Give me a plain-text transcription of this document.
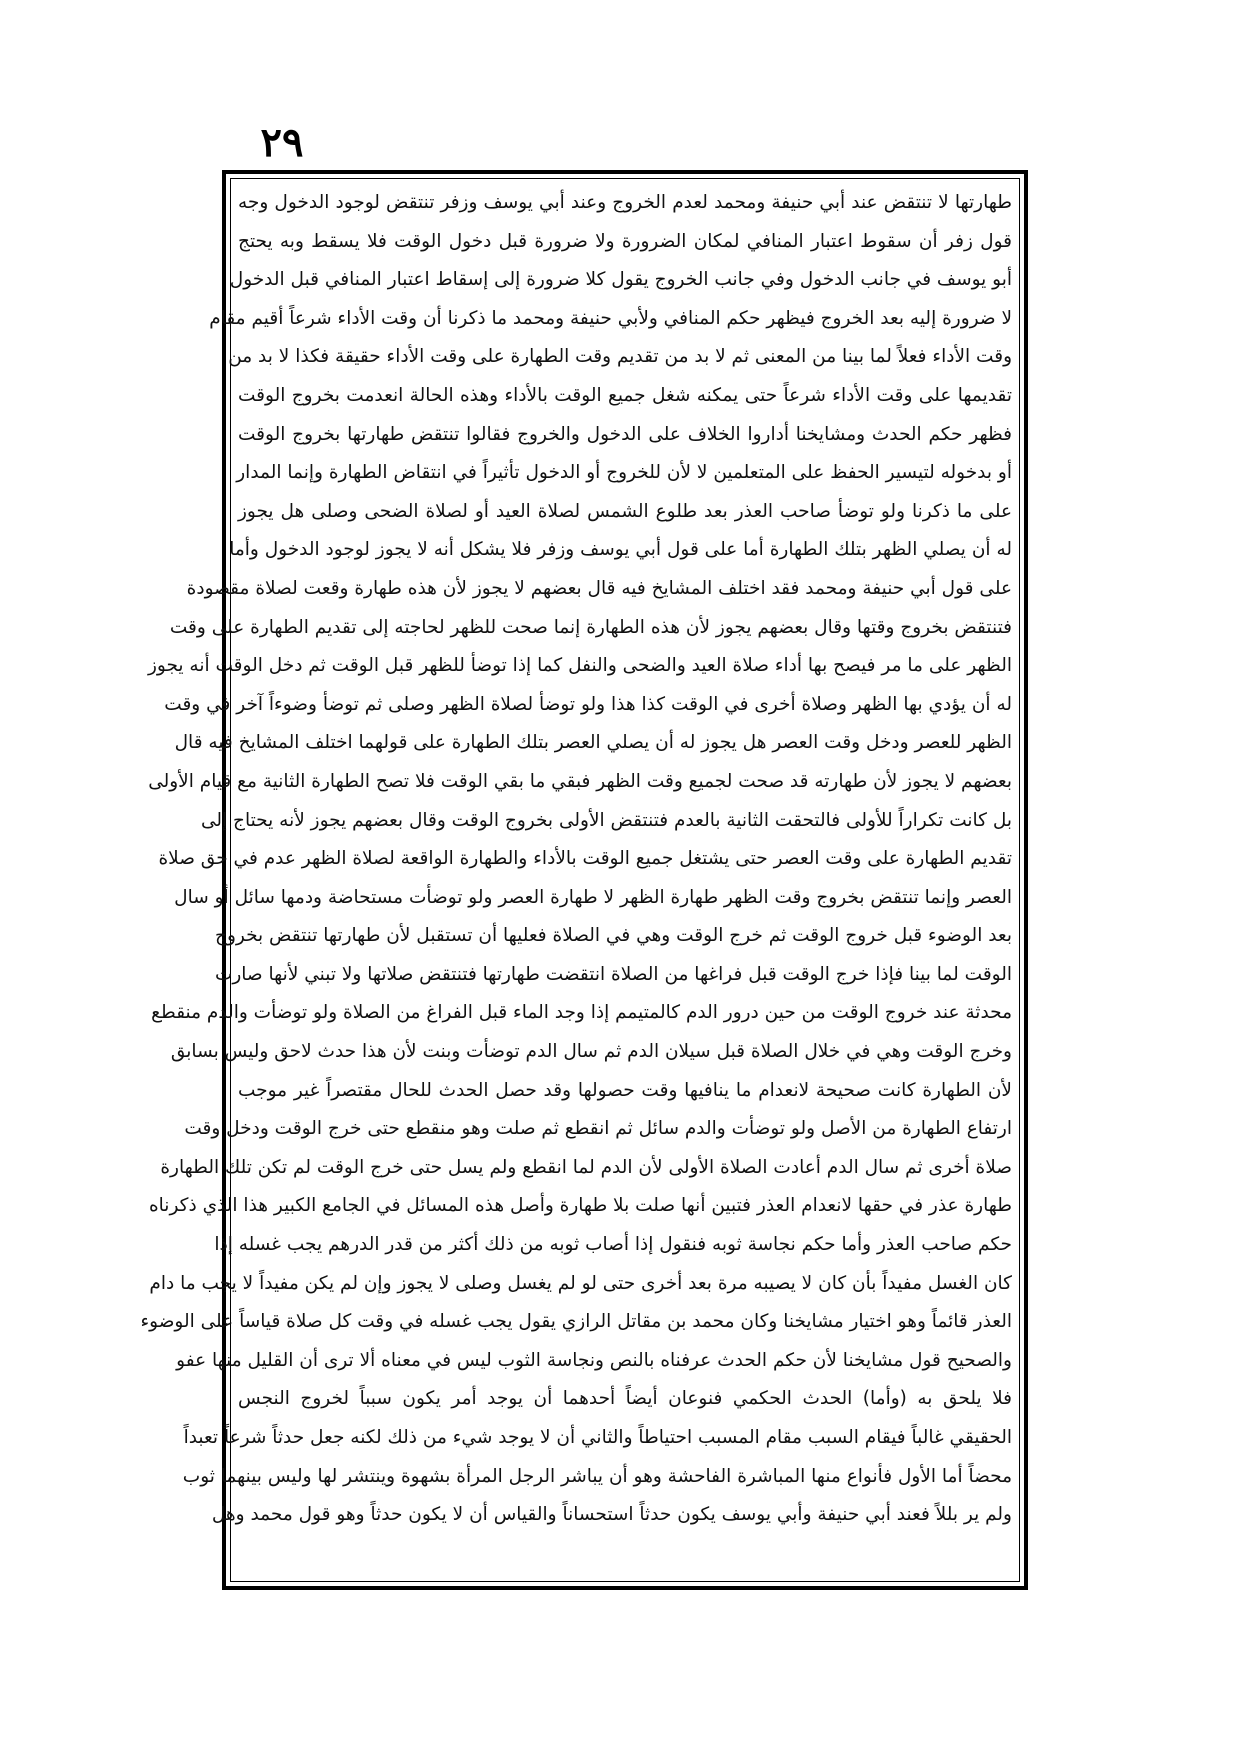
٢٩
طهارتها لا تنتقض عند أبي حنيفة ومحمد لعدم الخروج وعند أبي يوسف وزفر تنتقض لوجود الدخول وجه
قول زفر أن سقوط اعتبار المنافي لمكان الضرورة ولا ضرورة قبل دخول الوقت فلا يسقط وبه يحتج
أبو يوسف في جانب الدخول وفي جانب الخروج يقول كلا ضرورة إلى إسقاط اعتبار المنافي قبل الدخول
لا ضرورة إليه بعد الخروج فيظهر حكم المنافي ولأبي حنيفة ومحمد ما ذكرنا أن وقت الأداء شرعاً أقيم مقام
وقت الأداء فعلاً لما بينا من المعنى ثم لا بد من تقديم وقت الطهارة على وقت الأداء حقيقة فكذا لا بد من
تقديمها على وقت الأداء شرعاً حتى يمكنه شغل جميع الوقت بالأداء وهذه الحالة انعدمت بخروج الوقت
فظهر حكم الحدث ومشايخنا أداروا الخلاف على الدخول والخروج فقالوا تنتقض طهارتها بخروج الوقت
أو بدخوله لتيسير الحفظ على المتعلمين لا لأن للخروج أو الدخول تأثيراً في انتقاض الطهارة وإنما المدار
على ما ذكرنا ولو توضأ صاحب العذر بعد طلوع الشمس لصلاة العيد أو لصلاة الضحى وصلى هل يجوز
له أن يصلي الظهر بتلك الطهارة أما على قول أبي يوسف وزفر فلا يشكل أنه لا يجوز لوجود الدخول وأما
على قول أبي حنيفة ومحمد فقد اختلف المشايخ فيه قال بعضهم لا يجوز لأن هذه طهارة وقعت لصلاة مقصودة
فتنتقض بخروج وقتها وقال بعضهم يجوز لأن هذه الطهارة إنما صحت للظهر لحاجته إلى تقديم الطهارة على وقت
الظهر على ما مر فيصح بها أداء صلاة العيد والضحى والنفل كما إذا توضأ للظهر قبل الوقت ثم دخل الوقت أنه يجوز
له أن يؤدي بها الظهر وصلاة أخرى في الوقت كذا هذا ولو توضأ لصلاة الظهر وصلى ثم توضأ وضوءاً آخر في وقت
الظهر للعصر ودخل وقت العصر هل يجوز له أن يصلي العصر بتلك الطهارة على قولهما اختلف المشايخ فيه قال
بعضهم لا يجوز لأن طهارته قد صحت لجميع وقت الظهر فبقي ما بقي الوقت فلا تصح الطهارة الثانية مع قيام الأولى
بل كانت تكراراً للأولى فالتحقت الثانية بالعدم فتنتقض الأولى بخروج الوقت وقال بعضهم يجوز لأنه يحتاج إلى
تقديم الطهارة على وقت العصر حتى يشتغل جميع الوقت بالأداء والطهارة الواقعة لصلاة الظهر عدم في حق صلاة
العصر وإنما تنتقض بخروج وقت الظهر طهارة الظهر لا طهارة العصر ولو توضأت مستحاضة ودمها سائل أو سال
بعد الوضوء قبل خروج الوقت ثم خرج الوقت وهي في الصلاة فعليها أن تستقبل لأن طهارتها تنتقض بخروج
الوقت لما بينا فإذا خرج الوقت قبل فراغها من الصلاة انتقضت طهارتها فتنتقض صلاتها ولا تبني لأنها صارت
محدثة عند خروج الوقت من حين درور الدم كالمتيمم إذا وجد الماء قبل الفراغ من الصلاة ولو توضأت والدم منقطع
وخرج الوقت وهي في خلال الصلاة قبل سيلان الدم ثم سال الدم توضأت وبنت لأن هذا حدث لاحق وليس بسابق
لأن الطهارة كانت صحيحة لانعدام ما ينافيها وقت حصولها وقد حصل الحدث للحال مقتصراً غير موجب
ارتفاع الطهارة من الأصل ولو توضأت والدم سائل ثم انقطع ثم صلت وهو منقطع حتى خرج الوقت ودخل وقت
صلاة أخرى ثم سال الدم أعادت الصلاة الأولى لأن الدم لما انقطع ولم يسل حتى خرج الوقت لم تكن تلك الطهارة
طهارة عذر في حقها لانعدام العذر فتبين أنها صلت بلا طهارة وأصل هذه المسائل في الجامع الكبير هذا الذي ذكرناه
حكم صاحب العذر وأما حكم نجاسة ثوبه فنقول إذا أصاب ثوبه من ذلك أكثر من قدر الدرهم يجب غسله إذا
كان الغسل مفيداً بأن كان لا يصيبه مرة بعد أخرى حتى لو لم يغسل وصلى لا يجوز وإن لم يكن مفيداً لا يجب ما دام
العذر قائماً وهو اختيار مشايخنا وكان محمد بن مقاتل الرازي يقول يجب غسله في وقت كل صلاة قياساً على الوضوء
والصحيح قول مشايخنا لأن حكم الحدث عرفناه بالنص ونجاسة الثوب ليس في معناه ألا ترى أن القليل منها عفو
فلا يلحق به (وأما) الحدث الحكمي فنوعان أيضاً أحدهما أن يوجد أمر يكون سبباً لخروج النجس
الحقيقي غالباً فيقام السبب مقام المسبب احتياطاً والثاني أن لا يوجد شيء من ذلك لكنه جعل حدثاً شرعاً تعبداً
محضاً أما الأول فأنواع منها المباشرة الفاحشة وهو أن يباشر الرجل المرأة بشهوة وينتشر لها وليس بينهما ثوب
ولم ير بللاً فعند أبي حنيفة وأبي يوسف يكون حدثاً استحساناً والقياس أن لا يكون حدثاً وهو قول محمد وهل
